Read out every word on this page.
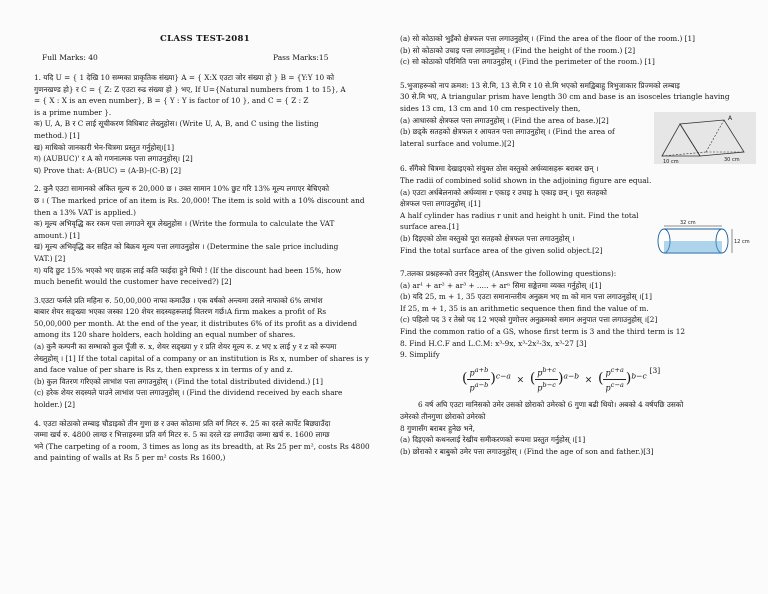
CLASS TEST-2081
Full Marks: 40	Pass Marks:15

1. यदि U = { 1 देखि 10 सम्मका प्राकृतिक संख्या} A = { X:X एउटा जोर संख्या हो } B = {Y:Y 10 को

गुणनखण्ड हो} र C = { Z: Z एउटा रुढ संख्या हो } भए, If U={Natural numbers from 1 to 15}, A

= { X : X is an even number}, B = { Y : Y is factor of 10 }, and C = { Z : Z

is a prime number }.

क) U, A, B र C लाई सूचीकरण विधिबाट लेख्नुहोस। (Write U, A, B, and C using the listing

method.) [1]

ख) माथिको जानकारी भेन-चित्रमा प्रस्तुत गर्नुहोस्।[1]

ग) (AUBUC)' र A को गणनात्मक पत्ता लगाउनुहोस्। [2]

घ) Prove that: A-(BUC) = (A-B)-(C-B) [2]

2. कुनै एउटा सामानको अंकित मूल्य रु 20,000 छ । उक्त सामान 10% छुट गरि 13% मूल्य लगाएर बेचिएको

छ । ( The marked price of an item is Rs. 20,000! The item is sold with a 10% discount and

then a 13% VAT is applied.)

क) मूल्य अभिवृद्धि कर रकम पत्ता लगाउने सूत्र लेख्नुहोस । (Write the formula to calculate the VAT

amount.) [1]

ख) मूल्य अभिवृद्धि कर सहित को बिक्रय मूल्य पत्ता लगाउनुहोस । (Determine the sale price including

VAT.) [2]

ग) यदि छुट 15% भएको भए ग्राहक लाई कति फाईदा हुने थियो ! (If the discount had been 15%, how

much benefit would the customer have received?) [2]

3.एउटा फर्मले प्रति महिना रु. 50,00,000 नाफा कमाउँछ । एक वर्षको अन्त्यमा उसले नाफाको 6% लाभांश

बाबार शेयर सङ्ख्या भएका जस्का 120 शेयर सदस्यहरूलाई वितरण गर्छ।A firm makes a profit of Rs

50,00,000 per month. At the end of the year, it distributes 6% of its profit as a dividend

among its 120 share holders, each holding an equal number of shares.

(a) कुनै कम्पनी का सम्भाको कुल पूँजी रु. x, शेयर सङ्ख्या y र प्रति शेयर मूल्य रु. z भए x लाई y र z को रूपमा

लेख्नुहोस् । [1] If the total capital of a company or an institution is Rs x, number of shares is y

and face value of per share is Rs z, then express x in terms of y and z.

(b) कुल वितरण गरिएको लाभांश पत्ता लगाउनुहोस् । (Find the total distributed dividend.) [1]

(c) हरेक शेयर सदस्यले पाउने लाभांश पत्ता लगाउनुहोस् । (Find the dividend received by each share

holder.) [2]

4. एउटा कोठाको लम्बाइ चौडाइको तीन गुणा छ र उक्त कोठामा प्रति वर्ग मिटर रु. 25 का दरले कार्पेट बिछ्याउँदा

जम्मा खर्च रु. 4800 लाग्छ र भित्ताहरुमा प्रति वर्ग मिटर रु. 5 का दरले रङ लगाउँदा जम्मा खर्च रु. 1600 लाग्छ

भने (The carpeting of a room, 3 times as long as its breadth, at Rs 25 per m², costs Rs 4800

and painting of walls at Rs 5 per m² costs Rs 1600,)

(a) सो कोठाको भुइँको क्षेत्रफल पत्ता लगाउनुहोस् । (Find the area of the floor of the room.) [1]

(b) सो कोठाको उचाइ पत्ता लगाउनुहोस् । (Find the height of the room.) [2]

(c) सो कोठाको परिमिति पत्ता लगाउनुहोस् । (Find the perimeter of the room.) [1]

5.भुजाहरूको नाप क्रमश: 13 से.मि, 13 से.मि र 10 से.मि भएको समद्विबाहु त्रिभुजाकार प्रिज्मको लम्बाइ

30 से.मि भए, A triangular prism have length 30 cm and base is an isosceles triangle having

sides 13 cm, 13 cm and 10 cm respectively then,

(a) आधारको क्षेत्रफल पत्ता लगाउनुहोस् । (Find the area of base.)[2]

(b) छड्के सतहको क्षेत्रफल र आयतन पत्ता लगाउनुहोस् । (Find the area of

lateral surface and volume.)[2]

6. सँगैको चित्रमा देखाइएको संयुक्त ठोस वस्तुको अर्धव्यासहरू बराबर छन् ।

The radii of combined solid shown in the adjoining figure are equal.

(a) एउटा अर्धबेलनाको अर्धव्यास r एकाइ र उचाइ h एकाइ छन् । पूरा सतहको

क्षेत्रफल पत्ता लगाउनुहोस् ।[1]

A half cylinder has radius r unit and height h unit. Find the total

surface area.[1]

(b) दिइएको ठोस वस्तुको पूरा सतहको क्षेत्रफल पत्ता लगाउनुहोस् ।

Find the total surface area of the given solid object.[2]

7.तलका प्रश्नहरूको उत्तर दिनुहोस् (Answer the following questions):

(a) ar¹ + ar² + ar³ + ..... + arⁿ सिमा सङ्केतमा व्यक्त गर्नुहोस् ।[1]

(b) यदि 25, m + 1, 35 एउटा समानान्तरीय अनुक्रम भए m को मान पत्ता लगाउनुहोस् ।[1]

If 25, m + 1, 35 is an arithmetic sequence then find the value of m.

(c) पहिलो पद 3 र तेस्रो पद 12 भएको गुणोत्तर अनुक्रमको समान अनुपात पत्ता लगाउनुहोस् ।[2]

Find the common ratio of a GS, whose first term is 3 and the third term is 12

8. Find H.C.F and L.C.M: x³-9x, x³-2x²-3x, x³-27 [3]

9. Simplify

( $\frac{p^{a+b}}{p^{a-b}} )^{c-a}$  ×  ( $\frac{p^{b+c}}{p^{b-c}} )^{a-b}$  ×  ( $\frac{p^{c+a}}{p^{c-a}} )^{b-c}$ [3]

6 वर्ष अघि एउटा मानिसको उमेर उसको छोराको उमेरको 6 गुणा बढी थियो। अबको 4 वर्षपछि उसको

उमेरको तीनगुणा छोराको उमेरको

8 गुणासँग बराबर हुनेछ भने,

(a) दिइएको कथनलाई रेखीय समीकरणको रूपमा प्रस्तुत गर्नुहोस् ।[1]

(b) छोराको र बाबुको उमेर पत्ता लगाउनुहोस् । (Find the age of son and father.)[3]

A
10 cm	30 cm
32 cm
12 cm
